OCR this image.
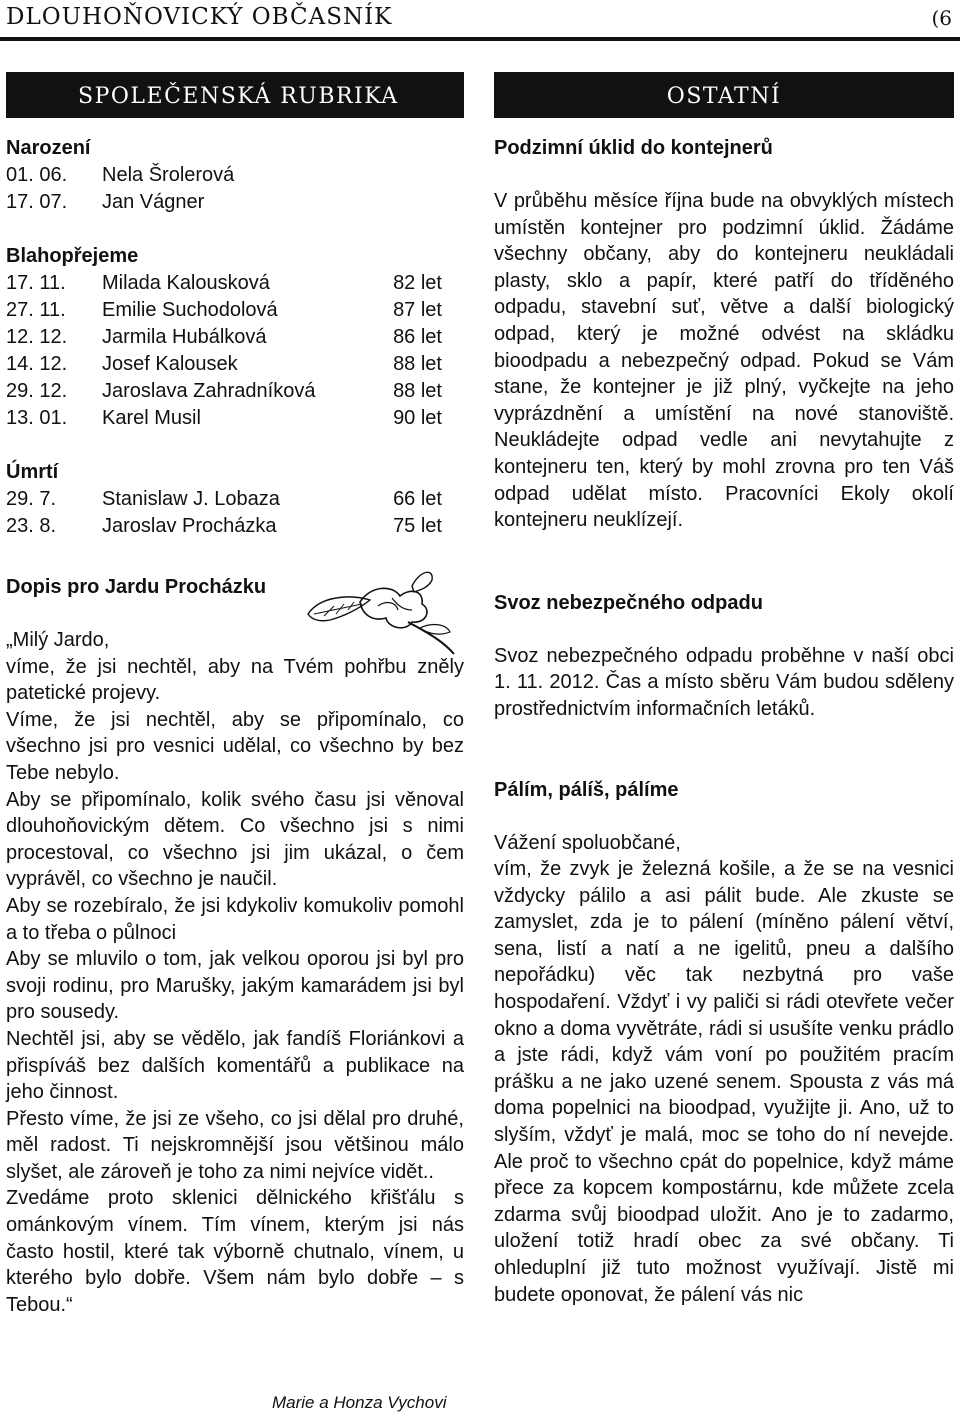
DLOUHOŇOVICKÝ OBČASNÍK	(6
SPOLEČENSKÁ RUBRIKA
Narození
01. 06.	Nela Šrolerová
17. 07.	Jan Vágner
Blahopřejeme
17. 11.	Milada Kalousková	82 let
27. 11.	Emilie Suchodolová	87 let
12. 12.	Jarmila Hubálková	86 let
14. 12.	Josef Kalousek	88 let
29. 12.	Jaroslava Zahradníková	88 let
13. 01.	Karel Musil	90 let
Úmrtí
29. 7.	Stanislaw J. Lobaza	66 let
23. 8.	Jaroslav Procházka	75 let
Dopis pro Jardu Procházku
„Milý Jardo,
víme, že jsi nechtěl, aby na Tvém pohřbu zněly patetické projevy.
Víme, že jsi nechtěl, aby se připomínalo, co všechno jsi pro vesnici udělal, co všechno by bez Tebe nebylo.
Aby se připomínalo, kolik svého času jsi věnoval dlouhoňovickým dětem. Co všechno jsi s nimi procestoval, co všechno jsi jim ukázal, o čem vyprávěl, co všechno je naučil.
Aby se rozebíralo, že jsi kdykoliv komukoliv pomohl a to třeba o půlnoci
Aby se mluvilo o tom, jak velkou oporou jsi byl pro svoji rodinu, pro Marušky, jakým kamarádem jsi byl pro sousedy.
Nechtěl jsi, aby se vědělo, jak fandíš Floriánkovi a přispíváš bez dalších komentářů a publikace na jeho činnost.
Přesto víme, že jsi ze všeho, co jsi dělal pro druhé, měl radost. Ti nejskromnější jsou většinou málo slyšet, ale zároveň je toho za nimi nejvíce vidět..
Zvedáme proto sklenici dělnického křišťálu s ománkovým vínem. Tím vínem, kterým jsi nás často hostil, které tak výborně chutnalo, vínem, u kterého bylo dobře. Všem nám bylo dobře – s Tebou.“
Marie a Honza Vychovi
OSTATNÍ
Podzimní úklid do kontejnerů
V průběhu měsíce října bude na obvyklých místech umístěn kontejner pro podzimní úklid. Žádáme všechny občany, aby do kontejneru neukládali plasty, sklo a papír, které patří do tříděného odpadu, stavební suť, větve a další biologický odpad, který je možné odvést na skládku bioodpadu a nebezpečný odpad. Pokud se Vám stane, že kontejner je již plný, vyčkejte na jeho vyprázdnění a umístění na nové stanoviště. Neukládejte odpad vedle ani nevytahujte z kontejneru ten, který by mohl zrovna pro ten Váš odpad udělat místo. Pracovníci Ekoly okolí kontejneru neuklízejí.
Svoz nebezpečného odpadu
Svoz nebezpečného odpadu proběhne v naší obci 1. 11. 2012. Čas a místo sběru Vám budou sděleny prostřednictvím informačních letáků.
Pálím, pálíš, pálíme
Vážení spoluobčané,
vím, že zvyk je železná košile, a že se na vesnici vždycky pálilo a asi pálit bude. Ale zkuste se zamyslet, zda je to pálení (míněno pálení větví, sena, listí a natí a ne igelitů, pneu a dalšího nepořádku) věc tak nezbytná pro vaše hospodaření. Vždyť i vy paliči si rádi otevřete večer okno a doma vyvětráte, rádi si usušíte venku prádlo a jste rádi, když vám voní po použitém pracím prášku a ne jako uzené senem. Spousta z vás má doma popelnici na bioodpad, využijte ji. Ano, už to slyším, vždyť je malá, moc se toho do ní nevejde. Ale proč to všechno cpát do popelnice, když máme přece za kopcem kompostárnu, kde můžete zcela zdarma svůj bioodpad uložit. Ano je to zadarmo, uložení totiž hradí obec za své občany. Ti ohleduplní již tuto možnost využívají. Jistě mi budete oponovat, že pálení vás nic
